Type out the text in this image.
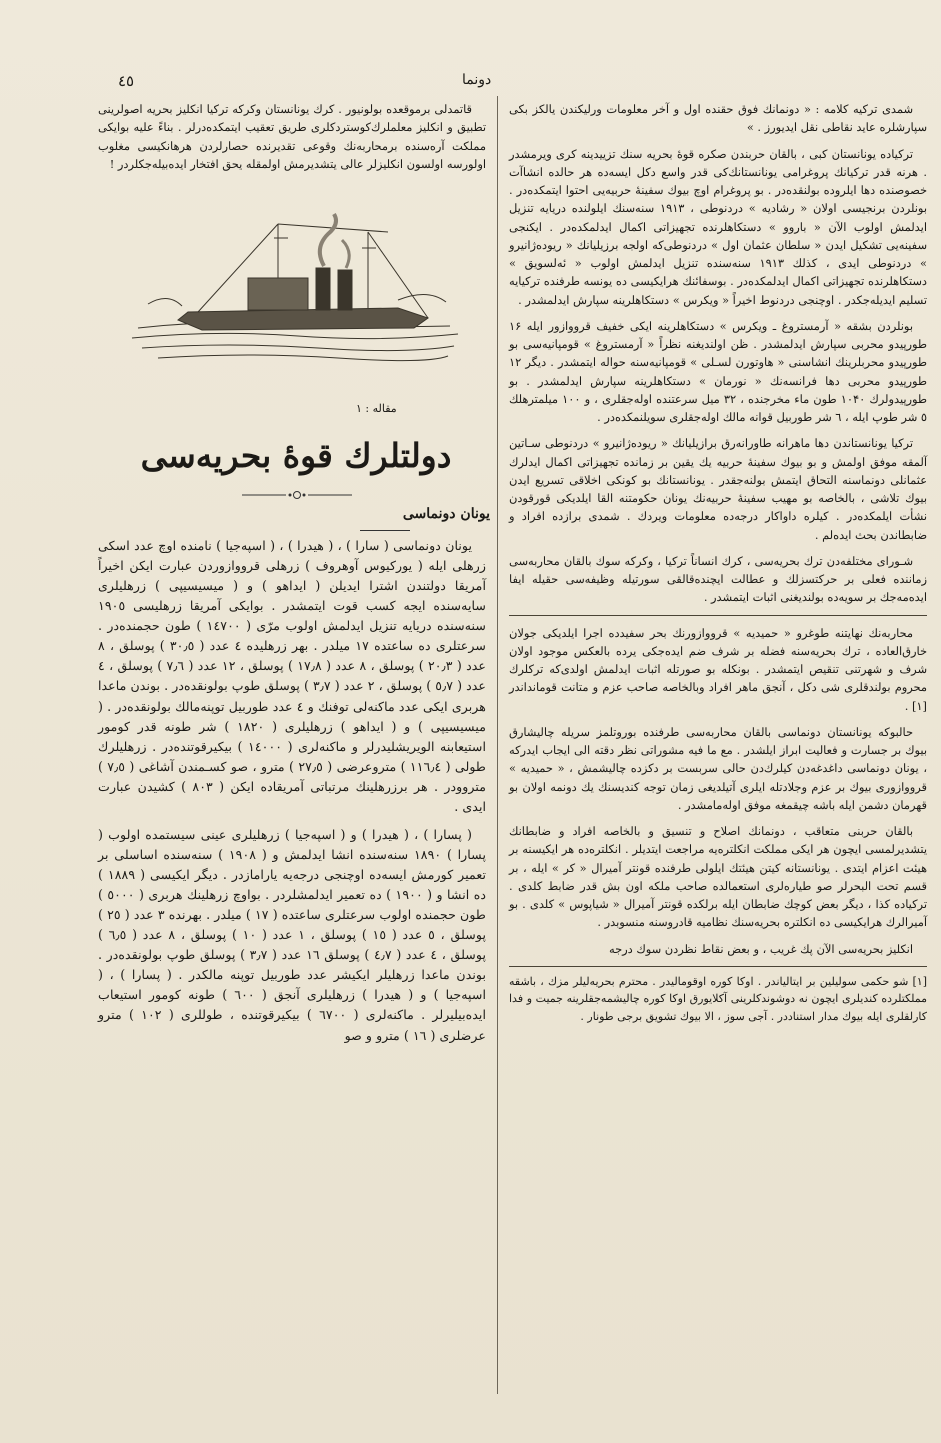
٤٥	دونما

شمدی ترکیه کلامه : « دونمانك فوق حقنده اول و آخر معلومات ورلیکندن یالکز بکی سپارشلره عاید نقاطی نقل ایدیورز . »

ترکیاده یونانستان کبی ، بالقان حربندن صکره قوهٔ بحریه سنك تزییدینه کری ویرمشدر . هرنه قدر ترکیانك پروغرامی یونانستانك‌کی قدر واسع دکل ایسه‌ده هر حالده انشاآت خصوصنده دها ایلروده بولنقده‌در . بو پروغرام اوچ بیوك سفینهٔ حربیه‌یی احتوا ایتمکده‌در . بونلردن برنجیسی اولان « رشادیه » دردنوطی ، ۱۹۱۳ سنه‌سنك ایلولنده دریایه تنزیل ایدلمش اولوب الآن « باروو » دستکاهلرنده تجهیزاتی اکمال ایدلمکده‌در . ایکنجی سفینه‌یی تشکیل ایدن « سلطان عثمان اول » دردنوطی‌که اولجه برزیلیانك « ریوده‌ژانیرو » دردنوطی ایدی ، کذلك ۱۹۱۳ سنه‌سنده تنزیل ایدلمش اولوب « ئه‌لسویق » دستکاهلرنده تجهیزاتی اکمال ایدلمکده‌در . بوسفائنك هرایکیسی ده یونسه طرفنده ترکیایه تسلیم ایدیله‌جکدر . اوچنجی دردنوط اخیراً « ویکرس » دستکاهلرینه سپارش ایدلمشدر .

بونلردن بشقه « آرمستروغ ـ ویکرس » دستکاهلرینه ایکی خفیف قرووازور ایله ۱۶ طورپیدو محربی سپارش ایدلمشدر . ظن اولندیغنه نظراً « آرمستروغ » قومپانیه‌سی بو طورپیدو محربلرینك انشاسنی « هاوتورن لسـلی » قومپانیه‌سنه حواله ایتمشدر . دیگر ۱۲ طورپیدو محربی دها فرانسه‌نك « نورمان » دستکاهلرینه سپارش ایدلمشدر . بو طورپیدولرك ۱۰۴۰ طون ماء مخرجنده ، ۳۲ میل سرعتنده اوله‌جقلری ، و ۱۰۰ میلمترهلك ٥ شر طوپ ایله ، ٦ شر طوربیل قوانه مالك اوله‌جقلری سویلنمکده‌در .

ترکیا یونانستاندن دها ماهرانه طاورانه‌رق برازیلیانك « ریوده‌ژانیرو » دردنوطی سـاتین آلمقه موفق اولمش و بو بیوك سفینهٔ حربیه یك یقین بر زمانده تجهیزاتی اکمال ایدلرك عثمانلی دونماسنه التحاق ایتمش بولنه‌جقدر . یونانستانك بو کونکی اخلاقی تسریع ایدن بیوك تلاشی ، بالخاصه بو مهیب سفینهٔ حربیه‌نك یونان حکومتنه القا ایلدیکی قورقودن نشأت ایلمکده‌در . کیلره داواکار درجه‌ده معلومات ویردك . شمدی برازده افراد و ضابطاندن بحث ایده‌لم .

شـورای مختلفه‌دن ترك بحریه‌سی ، کرك انساناً ترکیا ، وکرکه سوك بالقان محاربه‌سی زماننده فعلی بر حرکتسزلك و عطالت ایچنده‌قالقی سورتیله وظیفه‌سی حقیله ایفا ایده‌مه‌جك بر سویه‌ده بولندیغنی اثبات ایتمشدر .

محاربه‌نك نهایتنه طوغرو « حمیدیه » قرووازورنك بحر سفیدده اجرا ایلدیکی جولان خارق‌العاده ، ترك بحریه‌سنه فضله بر شرف ضم ایده‌جکی یرده بالعکس موجود اولان شرف و شهرتنی تنقیص ایتمشدر . بونکله بو صورتله اثبات ایدلمش اولدی‌که ترکلرك محروم بولندقلری شی دکل ، آنجق ماهر افراد وبالخاصه صاحب عزم و متانت قومانداندر [۱] .

حالبوکه یونانستان دونماسی بالقان محاربه‌سی طرفنده بوروتلمز سریله چالیشارق بیوك بر جسارت و فعالیت ابراز ایلشدر . مع ما فیه مشوراتی نظر دقته الی ایجاب ایدرکه ، یونان دونماسی داغدغه‌دن کیلرك‌دن حالی سربست بر دکزده چالیشمش ، « حمیدیه » قرووازوری بیوك بر عزم وجلادتله ایلری آتیلدیغی زمان توجه کندیسنك یك دونمه اولان بو قهرمان دشمن ایله باشه چیقمغه موفق اوله‌مامشدر .

بالقان حربنی متعاقب ، دونمانك اصلاح و تنسیق و بالخاصه افراد و ضابطانك یتشدیرلمسی ایچون هر ایکی مملکت انکلتره‌یه مراجعت ایتدیلر . انکلتره‌ده هر ایکیسنه بر هیئت اعزام ایتدی . یونانستانه کیتن هیئتك ایلولی طرفنده قونتر آمیرال « کر » ایله ، بر قسم تحت البحرلر صو طیاره‌لری استعمالده صاحب ملکه اون بش قدر ضابط کلدی . ترکیاده کذا ، دیگر بعض کوچك ضابطان ایله برلکده قونتر آمیرال « شیاپوس » کلدی . بو آمیرالرك هرایکیسی ده انکلتره بحریه‌سنك نظامیه قادروسنه منسوبدر .

انکلیز بحریه‌سی الآن پك غریب ، و بعض نقاط نظردن سوك درجه

[۱] شو حکمی سولیلین بر ایتالیاندر . اوکا کوره اوقومالیدر . محترم بحریه‌لیلر مزك ، باشقه مملکتلرده کندیلری ایچون نه دوشوندکلرینی آکلایورق اوکا کوره چالیشمه‌جقلرینه جمیت و فدا کارلقلری ایله بیوك مدار استناددر . آجی سوز ، الا بیوك تشویق برجی طونار .

قاتمدلی برموقعده بولونیور . کرك یونانستان وکرکه ترکیا انکلیز بحریه اصولرینی تطبیق و انکلیز معلملرك‌کوسترد‌کلری طریق تعقیب ایتمکده‌درلر . بناءً علیه بوایکی مملکت آره‌سنده برمحاربه‌نك وقوعی تقدیرنده حصارلردن هرهانکیسی مغلوب اولورسه اولسون انکلیزلر عالی یتشدیرمش اولمقله یحق افتخار ایده‌بیله‌جکلردر !

مقاله : ۱
دولتلرك قوهٔ بحریه‌سی
یونان دونماسی

یونان دونماسی ( سارا ) ، ( هیدرا ) ، ( اسپه‌جیا ) نامنده اوچ عدد اسکی زرهلی ایله ( یورکیوس آوهروف ) زرهلی قرووازوردن عبارت ایکن اخیراً آمریقا دولتندن اشترا ایدیلن ( ایداهو ) و ( میسیسیپی ) زرهلیلری سایه‌سنده ایجه کسب قوت ایتمشدر . بوایکی آمریقا زرهلیسی ۱۹۰٥ سنه‌سنده دریایه تنزیل ایدلمش اولوب مرّی ( ۱٤۷۰۰ ) طون حجمنده‌در . سرعتلری ده ساعتده ۱۷ میلدر . بهر زرهلیده ٤ عدد ( ۳۰٫٥ ) پوسلق ، ۸ عدد ( ۲۰٫۳ ) پوسلق ، ۸ عدد ( ۱۷٫۸ ) پوسلق ، ۱۲ عدد ( ۷٫٦ ) پوسلق ، ٤ عدد ( ٥٫۷ ) پوسلق ، ۲ عدد ( ۳٫۷ ) پوسلق طوپ بولونقده‌در . بوندن ماعدا هربری ایکی عدد ماکنه‌لی توفنك و ٤ عدد طوربیل تو‌پنه‌مالك بولونقده‌در . ( میسیسیپی ) و ( ایداهو ) زرهلیلری ( ۱۸۲۰ ) شر طونه قدر کومور استیعابنه الویریشلیدرلر و ماکنه‌لری ( ۱٤۰۰۰ ) بیکیرقوتنده‌در . زرهلیلرك طولی ( ۱۱٦٫٤ ) متروعرضی ( ۲۷٫٥ ) مترو ، صو کسـمندن آشاغی ( ۷٫٥ ) متروو‌در . هر برزرهلینك مرتباتی آمریقاده ایکن ( ۸۰۳ ) کشیدن عبارت ایدی .

( پسارا ) ، ( هیدرا ) و ( اسپه‌جیا ) زرهلیلری عینی سیستمده اولوب ( پسارا ) ۱۸۹۰ سنه‌سنده انشا ایدلمش و ( ۱۹۰۸ ) سنه‌سنده اساسلی بر تعمیر کورمش ایسه‌ده اوچنجی درجه‌یه یارامازدر . دیگر ایکیسی ( ۱۸۸۹ ) ده انشا و ( ۱۹۰۰ ) ده تعمیر ایدلمشلردر . بواوچ زرهلینك هربری ( ٥۰۰۰ ) طون حجمنده اولوب سرعتلری ساعتده ( ۱۷ ) میلدر . بهرنده ۳ عدد ( ۲٥ ) پوسلق ، ٥ عدد ( ۱٥ ) پوسلق ، ۱ عدد ( ۱۰ ) پوسلق ، ۸ عدد ( ٦٫٥ ) پوسلق ، ٤ عدد ( ٤٫۷ ) پوسلق ۱٦ عدد ( ۳٫۷ ) پوسلق طوپ بولونقده‌در . بوندن ماعدا زرهلیلر ایکیشر عدد طوربیل تو‌پنه مالکدر . ( پسارا ) ، ( اسپه‌جیا ) و ( هیدرا ) زرهلیلری آنجق ( ٦۰۰ ) طونه کومور استیعاب ایده‌بیلیرلر . ماکنه‌لری ( ٦۷۰۰ ) بیکیرقوتنده ، طوللری ( ۱۰۲ ) مترو عرضلری ( ۱٦ ) مترو و صو
